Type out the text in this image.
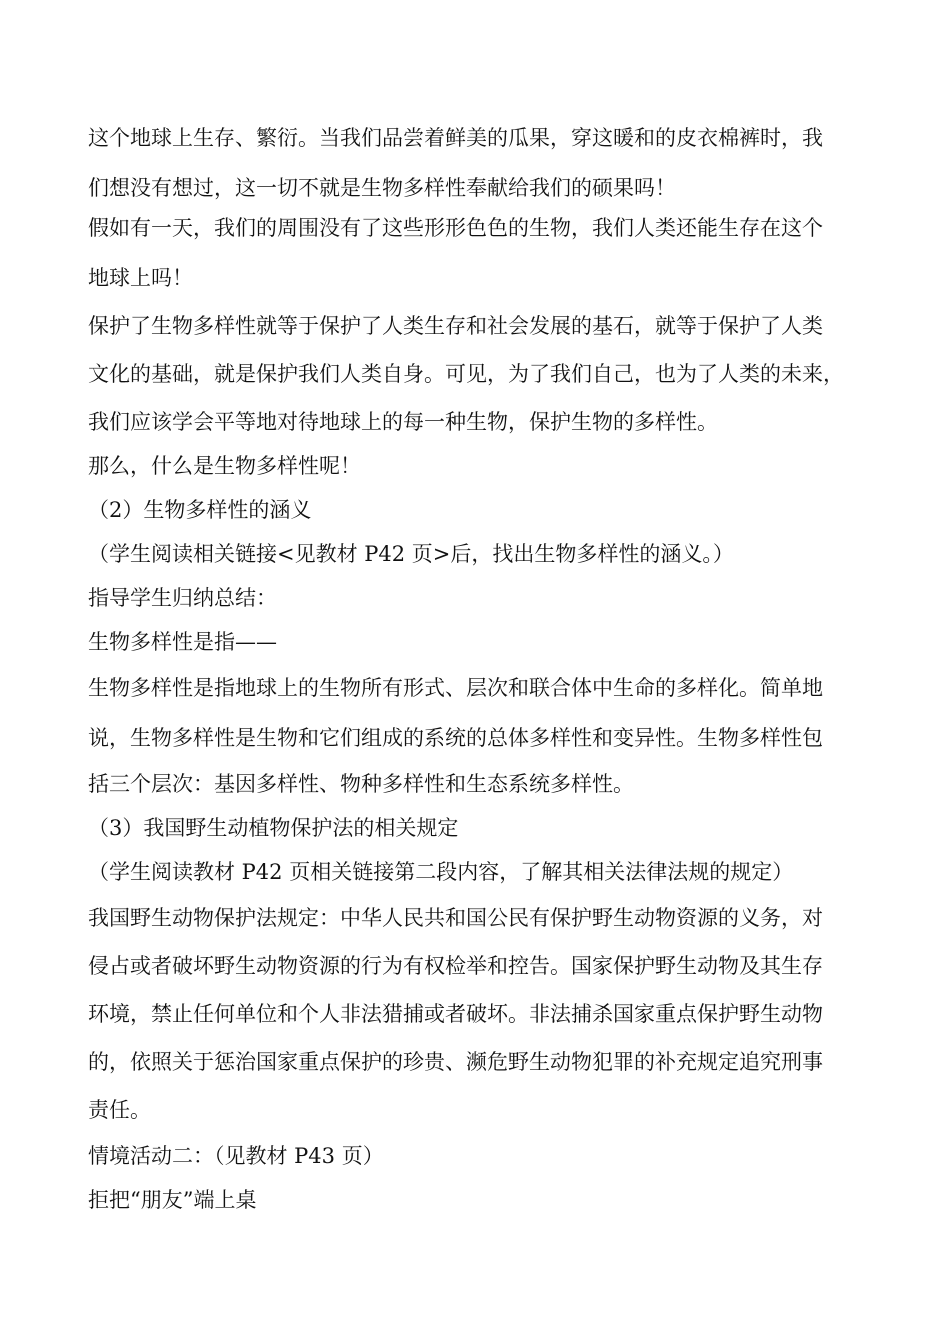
这个地球上生存、繁衍。当我们品尝着鲜美的瓜果，穿这暖和的皮衣棉裤时，我
们想没有想过，这一切不就是生物多样性奉献给我们的硕果吗！
假如有一天，我们的周围没有了这些形形色色的生物，我们人类还能生存在这个
地球上吗！
保护了生物多样性就等于保护了人类生存和社会发展的基石，就等于保护了人类
文化的基础，就是保护我们人类自身。可见，为了我们自己，也为了人类的未来，
我们应该学会平等地对待地球上的每一种生物，保护生物的多样性。
那么，什么是生物多样性呢！
（2）生物多样性的涵义
（学生阅读相关链接<见教材 P42 页>后，找出生物多样性的涵义。）
指导学生归纳总结：
生物多样性是指——
生物多样性是指地球上的生物所有形式、层次和联合体中生命的多样化。简单地
说，生物多样性是生物和它们组成的系统的总体多样性和变异性。生物多样性包
括三个层次：基因多样性、物种多样性和生态系统多样性。
（3）我国野生动植物保护法的相关规定
（学生阅读教材 P42 页相关链接第二段内容，了解其相关法律法规的规定）
我国野生动物保护法规定：中华人民共和国公民有保护野生动物资源的义务，对
侵占或者破坏野生动物资源的行为有权检举和控告。国家保护野生动物及其生存
环境，禁止任何单位和个人非法猎捕或者破坏。非法捕杀国家重点保护野生动物
的，依照关于惩治国家重点保护的珍贵、濒危野生动物犯罪的补充规定追究刑事
责任。
情境活动二：（见教材 P43 页）
拒把“朋友”端上桌
